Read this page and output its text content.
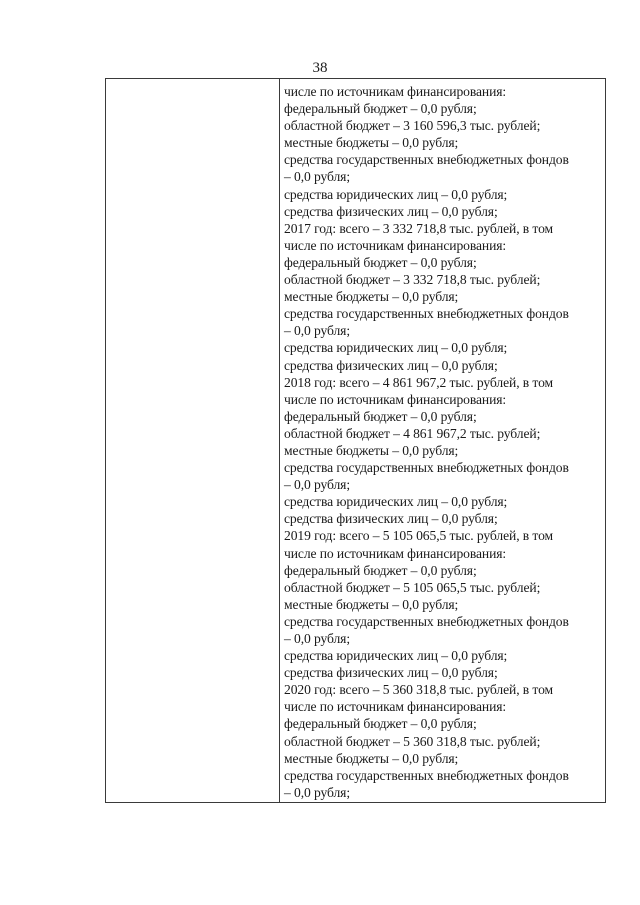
38
числе по источникам финансирования:
федеральный бюджет – 0,0 рубля;
областной бюджет – 3 160 596,3 тыс. рублей;
местные бюджеты – 0,0 рубля;
средства государственных внебюджетных фондов
– 0,0 рубля;
средства юридических лиц – 0,0 рубля;
средства физических лиц – 0,0 рубля;
2017 год: всего – 3 332 718,8 тыс. рублей, в том
числе по источникам финансирования:
федеральный бюджет – 0,0 рубля;
областной бюджет – 3 332 718,8 тыс. рублей;
местные бюджеты – 0,0 рубля;
средства государственных внебюджетных фондов
– 0,0 рубля;
средства юридических лиц – 0,0 рубля;
средства физических лиц – 0,0 рубля;
2018 год: всего – 4 861 967,2 тыс. рублей, в том
числе по источникам финансирования:
федеральный бюджет – 0,0 рубля;
областной бюджет – 4 861 967,2 тыс. рублей;
местные бюджеты – 0,0 рубля;
средства государственных внебюджетных фондов
– 0,0 рубля;
средства юридических лиц – 0,0 рубля;
средства физических лиц – 0,0 рубля;
2019 год: всего – 5 105 065,5 тыс. рублей, в том
числе по источникам финансирования:
федеральный бюджет – 0,0 рубля;
областной бюджет – 5 105 065,5 тыс. рублей;
местные бюджеты – 0,0 рубля;
средства государственных внебюджетных фондов
– 0,0 рубля;
средства юридических лиц – 0,0 рубля;
средства физических лиц – 0,0 рубля;
2020 год: всего – 5 360 318,8 тыс. рублей, в том
числе по источникам финансирования:
федеральный бюджет – 0,0 рубля;
областной бюджет – 5 360 318,8 тыс. рублей;
местные бюджеты – 0,0 рубля;
средства государственных внебюджетных фондов
– 0,0 рубля;
